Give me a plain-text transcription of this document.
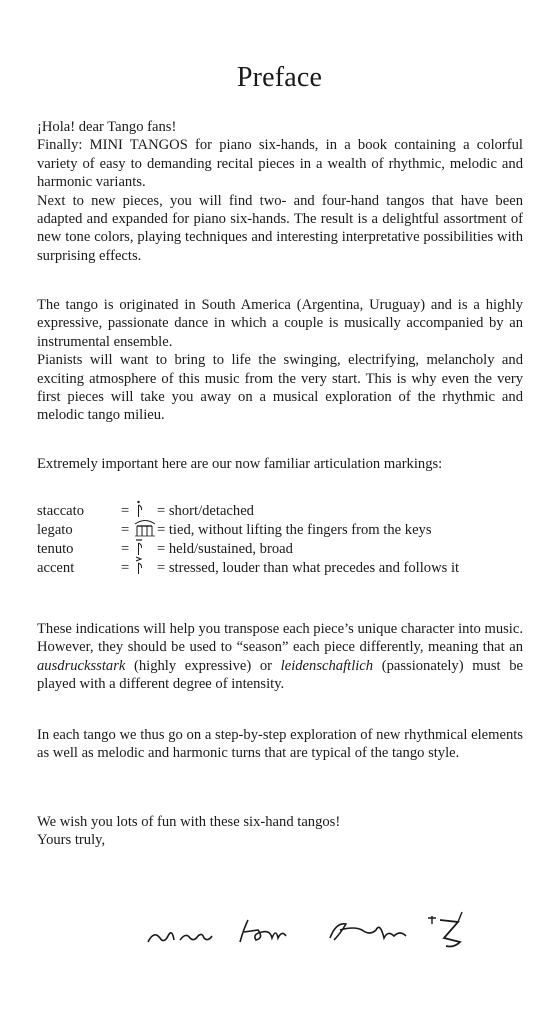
Preface

¡Hola! dear Tango fans!

Finally: MINI TANGOS for piano six-hands, in a book containing a colorful variety of easy to demanding recital pieces in a wealth of rhythmic, melodic and harmonic variants.

Next to new pieces, you will find two- and four-hand tangos that have been adapted and expanded for piano six-hands. The result is a delightful assortment of new tone colors, playing techniques and interesting interpretative possibilities with surprising effects.

The tango is originated in South America (Argentina, Uruguay) and is a highly expressive, passionate dance in which a couple is musically accompanied by an instrumental ensemble.

Pianists will want to bring to life the swinging, electrifying, melancholy and exciting atmosphere of this music from the very start. This is why even the very first pieces will take you away on a musical exploration of the rhythmic and melodic tango milieu.

Extremely important here are our now familiar articulation markings:
staccato	= = short/detached
legato	= = tied, without lifting the fingers from the keys
tenuto	= = held/sustained, broad
accent	= = stressed, louder than what precedes and follows it
These indications will help you transpose each piece’s unique character into music. However, they should be used to “season” each piece differently, meaning that an ausdrucksstark (highly expressive) or leidenschaftlich (passionately) must be played with a different degree of intensity.
In each tango we thus go on a step-by-step exploration of new rhythmical elements as well as melodic and harmonic turns that are typical of the tango style.

We wish you lots of fun with these six-hand tangos!

Yours truly,
